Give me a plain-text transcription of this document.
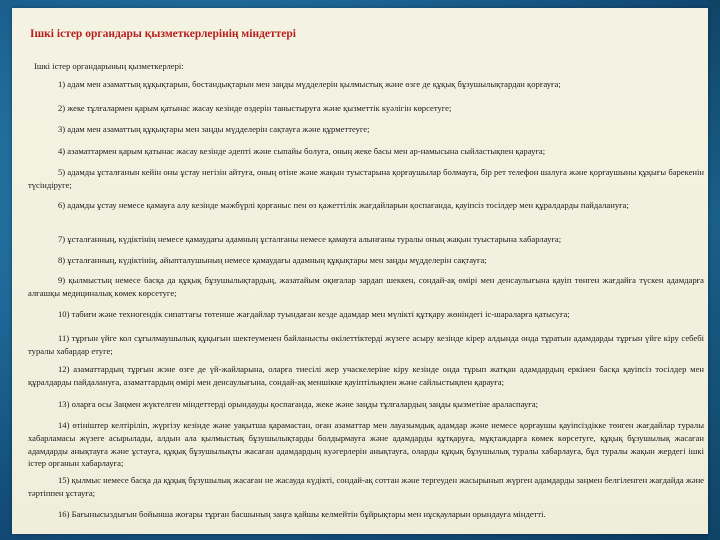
Ішкі істер органдары қызметкерлерінің міндеттері

Ішкі істер органдарының қызметкерлері:

1) адам мен азаматтың құқықтарын, бостандықтарын мен заңды мүдделерін қылмыстық және өзге де құқық бұзушылықтардан қорғауға;

2) жеке тұлғалармен қарым қатынас жасау кезінде өздерін таныстыруға және қызметтік куәлігін көрсетуге;

3) адам мен азаматтың құқықтары мен заңды мүдделерін сақтауға және құрметтеуге;

4) азаматтармен қарым қатынас жасау кезінде әдепті және сыпайы болуға, оның жеке басы мен ар-намысына сыйластықпен қарауға;

5) адамды ұсталғанын кейін оны ұстау негізін айтуға, оның өтіне және жақын туыстарына қорғаушылар болмауға, бір рет телефон шалуға және қорғаушыны құқығы барекенін түсіндіруге;

6) адамды ұстау немесе қамауға алу кезінде мәжбүрлі қорғаныс пен өз қажеттілік жағдайларын қоспағанда, қауіпсіз тосілдер мен құралдарды пайдалануға;

7) ұсталғанның, күдіктінің немесе қамаудағы адамның ұсталғаны немесе қамауға алынғаны туралы оның жақын туыстарына хабарлауға;

8) ұсталғанның, күдіктінің, айыпталушының немесе қамаудағы адамның құқықтары мен заңды мүдделерін сақтауға;

9) қылмыстың немесе басқа да құқық бұзушылықтардың, жазатайым оқиғалар зардап шеккен, сондай-ақ өмірі мен денсаулығына қауіп төнген жағдайға түскен адамдарға алғашқы медициналық көмек көрсетуге;

10) табиғи және техногендік сипаттағы төтенше жағдайлар туындаған кезде адамдар мен мүлікті құтқару жөніндегі іс-шараларға қатысуға;

11) тұрғын үйге кол сұғылмаушылық құқығын шектеуменен байланысты өкілеттіктерді жүзеге асыру кезінде кірер алдында онда тұратын адамдарды тұрғын үйге кіру себебі туралы хабардар етуге;

12) азаматтардың тұрғын жэне өзге де үй-жайларына, оларға тиесілі жер учаскелеріне кіру кезінде онда тұрып жатқан адамдардың еркінен басқа қауіпсіз тосілдер мен құралдарды пайдалануға, азаматтардың өмірі мен денсаулығына, сондай-ақ меншікке қауіптілықпен және сайлыстықпен қарауға;

13) оларға осы Заңмен жүктелген міндеттерді орындауды қоспағанда, жеке және заңды тұлғалардың заңды қызметіне араласпауға;

14) өтініштер келтіріліп, жүргізу кезінде және уақытша қарамастан, оған азаматтар мен лауазымдық адамдар және немесе қорғаушы қауіпсіздікке төнген жағдайлар туралы хабарламасы жүзеге асырылады, алдын ала қылмыстық бұзушылықтарды болдырмауға және адамдарды құтқаруға, мұқтаждарға көмек көрсетуге, құқық бұзушылық жасаған адамдарды анықтауға және ұстауға, құқық бұзушылықты жасаған адамдардың куәгерлерін анықтауға, оларды құқық бұзушылық туралы хабарлауға, бұл туралы жақын жердегі ішкі істер органын хабарлауға;

15) қылмыс немесе басқа да құқық бұзушылық жасаған не жасауда күдікті, сондай-ақ соттан және тергеуден жасырынып жүрген адамдарды заңмен белгіленген жағдайда және тәртіппен ұстауға;

16) Бағынысыздығын бойынша жоғары тұрған басшының заңға қайшы келмейтін бұйрықтары мен нұсқауларын орындауға міндетті.
